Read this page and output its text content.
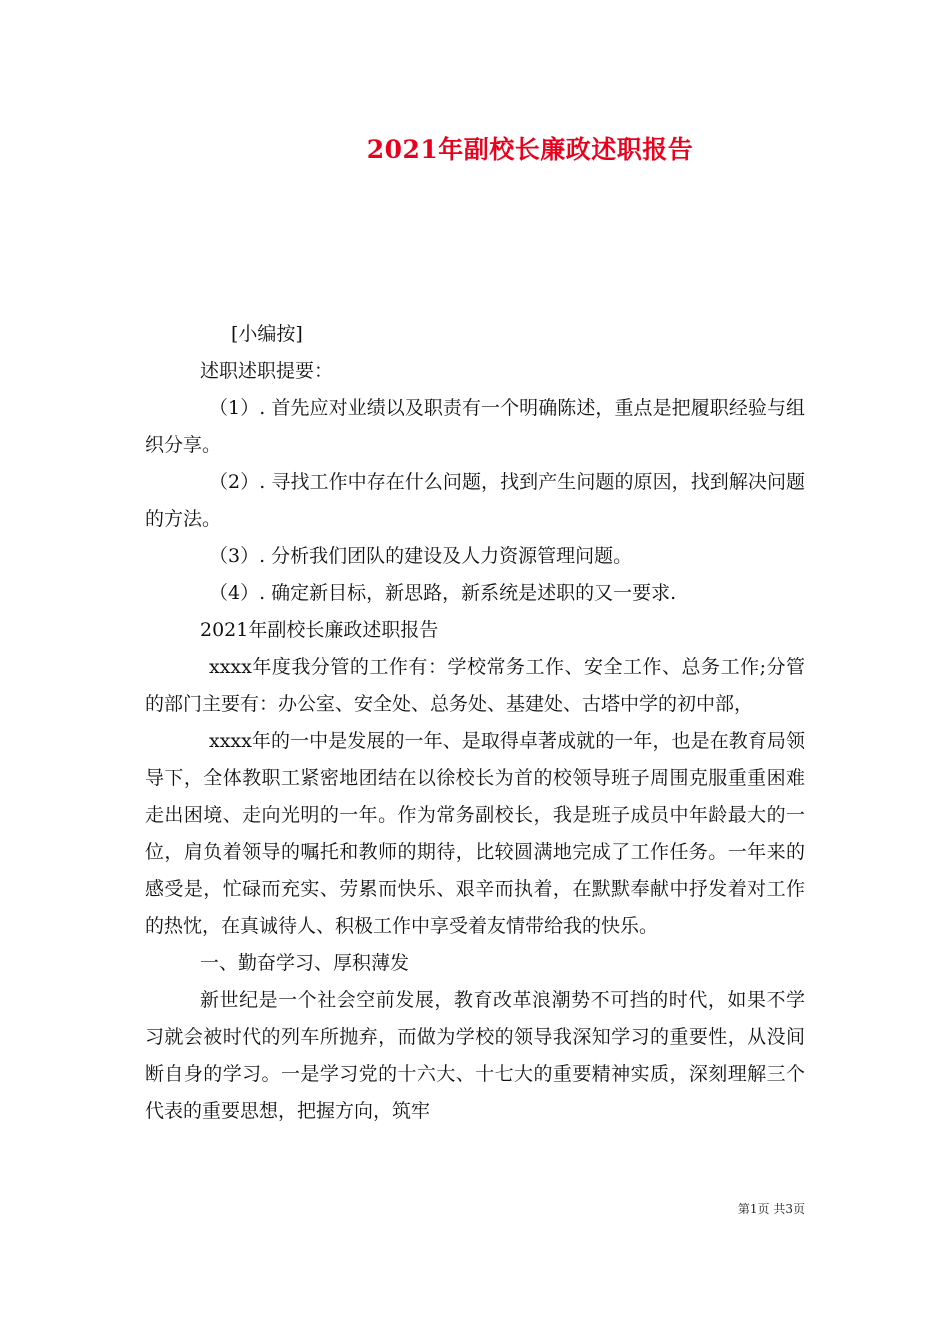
2021年副校长廉政述职报告

[小编按]

述职述职提要：

（1）. 首先应对业绩以及职责有一个明确陈述，重点是把履职经验与组织分享。

（2）. 寻找工作中存在什么问题，找到产生问题的原因，找到解决问题的方法。

（3）. 分析我们团队的建设及人力资源管理问题。

（4）. 确定新目标，新思路，新系统是述职的又一要求.

2021年副校长廉政述职报告

xxxx年度我分管的工作有：学校常务工作、安全工作、总务工作;分管的部门主要有：办公室、安全处、总务处、基建处、古塔中学的初中部，

xxxx年的一中是发展的一年、是取得卓著成就的一年，也是在教育局领导下，全体教职工紧密地团结在以徐校长为首的校领导班子周围克服重重困难走出困境、走向光明的一年。作为常务副校长，我是班子成员中年龄最大的一位，肩负着领导的嘱托和教师的期待，比较圆满地完成了工作任务。一年来的感受是，忙碌而充实、劳累而快乐、艰辛而执着，在默默奉献中抒发着对工作的热忱，在真诚待人、积极工作中享受着友情带给我的快乐。

一、勤奋学习、厚积薄发

新世纪是一个社会空前发展，教育改革浪潮势不可挡的时代，如果不学习就会被时代的列车所抛弃，而做为学校的领导我深知学习的重要性，从没间断自身的学习。一是学习党的十六大、十七大的重要精神实质，深刻理解三个代表的重要思想，把握方向，筑牢

第1页 共3页
